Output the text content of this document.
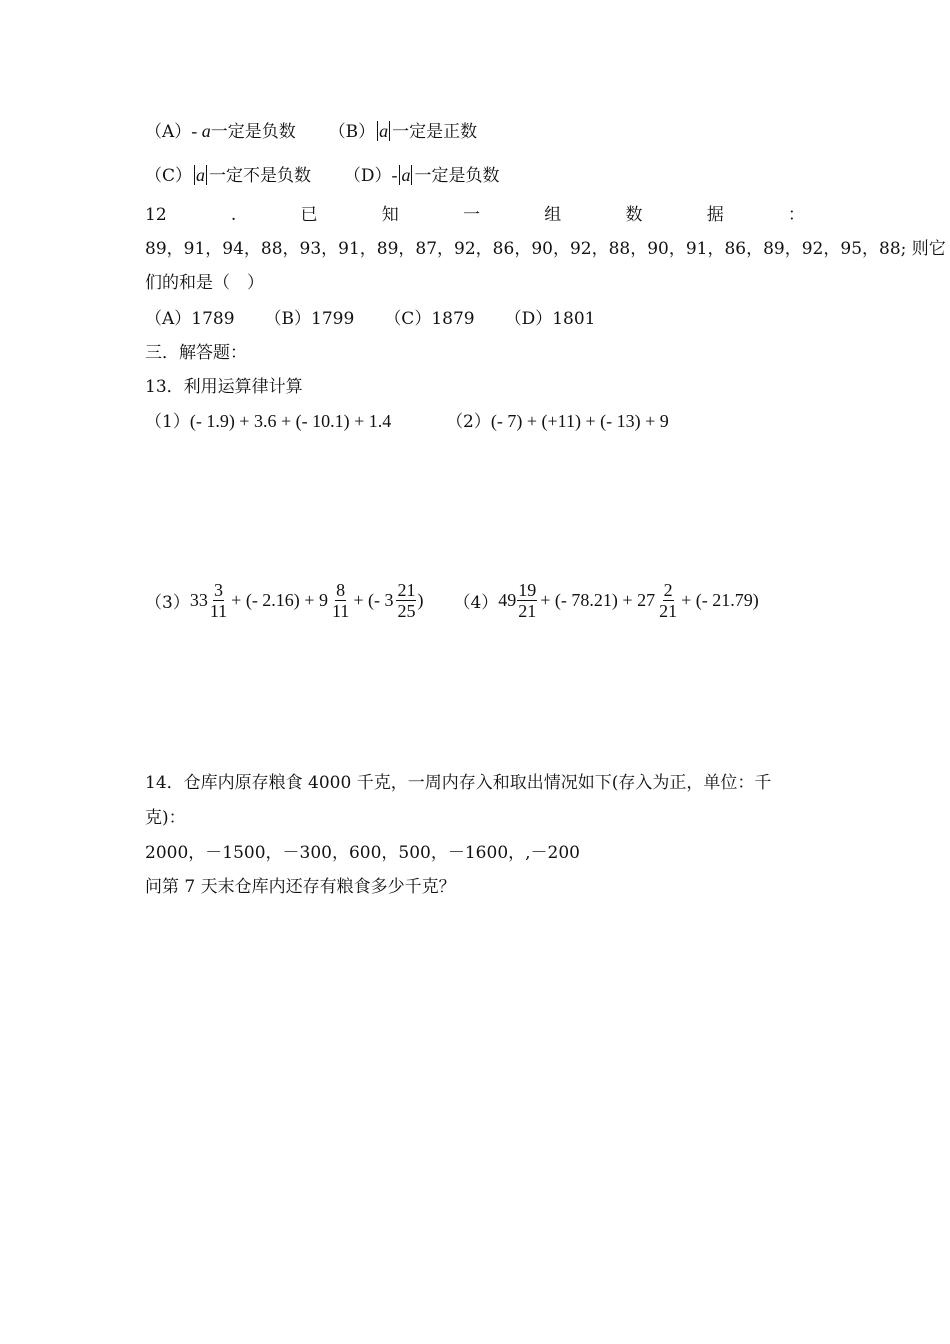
（A）- a一定是负数 （B） a 一定是正数
（C） a 一定不是负数 （D）- a 一定是负数
12	.	已	知	一	组	数	据	：
89，91，94，88，93，91，89，87，92，86，90，92，88，90，91，86，89，92，95，88; 则它
们的和是（　）
（A）1789 （B）1799 （C）1879 （D）1801
三．解答题：
13．利用运算律计算
（1）(- 1.9) + 3.6 + (- 10.1) + 1.4	（2）(- 7) + (+11) + (- 13) + 9
（3） $33 \frac{3}{11}$ + (- $2.16) + 9 \frac{8}{11}$ + (- $3 \frac{21}{25}$ ) （4） $49 \frac{19}{21}$ + (- $78.21) + 27 \frac{2}{21}$ + (- 21.79)
14．仓库内原存粮食 4000 千克，一周内存入和取出情况如下(存入为正，单位：千
克)：
2000，－1500，－300，600，500，－1600，,－200
问第 7 天末仓库内还存有粮食多少千克？
